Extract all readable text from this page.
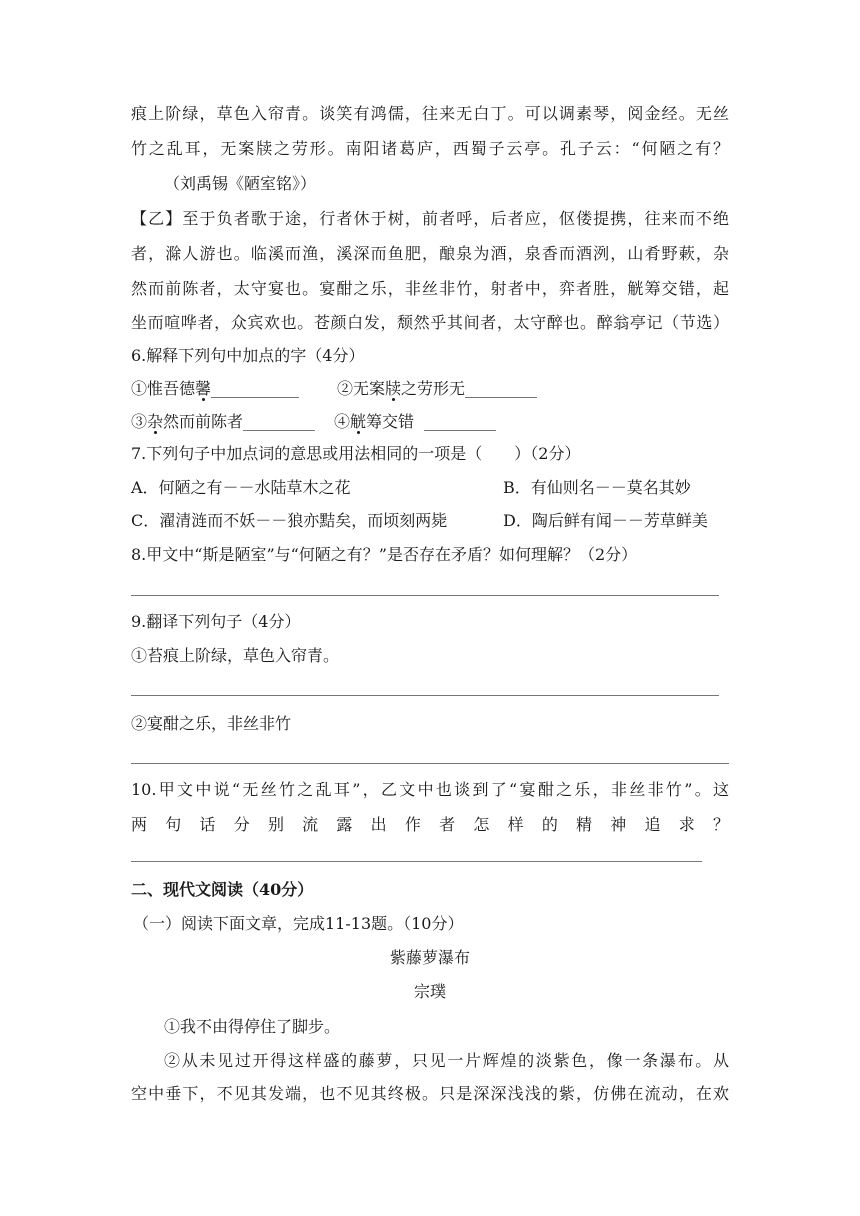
痕上阶绿，草色入帘青。谈笑有鸿儒，往来无白丁。可以调素琴，阅金经。无丝
竹之乱耳，无案牍之劳形。南阳诸葛庐，西蜀子云亭。孔子云：“何陋之有？
（刘禹锡《陋室铭》）
【乙】至于负者歌于途，行者休于树，前者呼，后者应，伛偻提携，往来而不绝
者，滁人游也。临溪而渔，溪深而鱼肥，酿泉为酒，泉香而酒洌，山肴野蔌，杂
然而前陈者，太守宴也。宴酣之乐，非丝非竹，射者中，弈者胜，觥筹交错，起
坐而喧哗者，众宾欢也。苍颜白发，颓然乎其间者，太守醉也。醉翁亭记（节选）
6.解释下列句中加点的字（4分）
①惟吾德馨___________ ②无案牍之劳形无_________
③杂然而前陈者_________ ④觥筹交错 _________
7.下列句子中加点词的意思或用法相同的一项是（　　）（2分）
A．何陋之有－－水陆草木之花	B．有仙则名－－莫名其妙
C．濯清涟而不妖－－狼亦黠矣，而顷刻两毙	D．陶后鲜有闻－－芳草鲜美
8.甲文中“斯是陋室”与“何陋之有？”是否存在矛盾？如何理解？（2分）
9.翻译下列句子（4分）
①苔痕上阶绿，草色入帘青。
②宴酣之乐，非丝非竹
10.甲文中说“无丝竹之乱耳”，乙文中也谈到了“宴酣之乐，非丝非竹”。这
两句话分别流露出作者怎样的精神追求？
二、现代文阅读（40分）
（一）阅读下面文章，完成11-13题。（10分）
紫藤萝瀑布
宗璞
①我不由得停住了脚步。
②从未见过开得这样盛的藤萝，只见一片辉煌的淡紫色，像一条瀑布。从
空中垂下，不见其发端，也不见其终极。只是深深浅浅的紫，仿佛在流动，在欢
